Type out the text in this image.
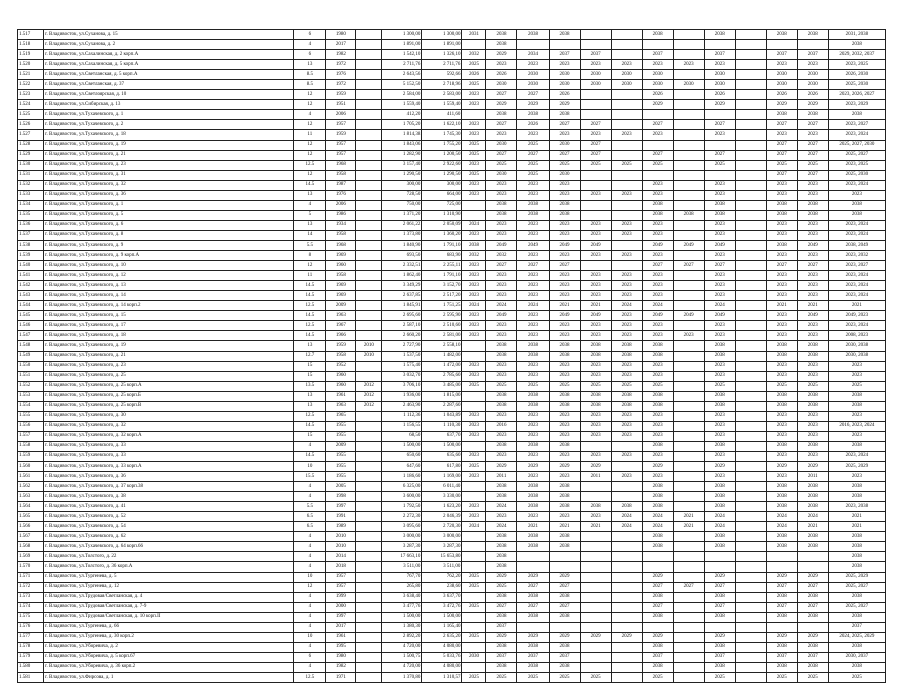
1.517	г. Владивосток, ул.Суханова, д. 15	6	1980		1 300,00	1 300,00	2031	2038	2038	2038			2038		2038		2038	2038	2031, 2038
1.518	г. Владивосток, ул.Суханова, д. 2	4	2017		1 891,00	1 891,00		2038											2038
1.519	г. Владивосток, ул.Сахалинская, д. 2 корп.А	6	1982		1 542,10	1 326,10	2032	2029	2034	2037	2037		2037		2037		2037	2037	2029, 2032, 2037
1.520	г. Владивосток, ул.Сахалинская, д. 5 корп.А	13	1972		2 711,76	2 711,76	2025	2023	2023	2023	2023	2023	2023	2023	2023		2023	2023	2023, 2025
1.521	г. Владивосток, ул.Светланская, д. 5 корп.А	8.5	1976		2 643,56	592,66	2026	2026	2030	2030	2030	2030	2030		2030		2030	2030	2026, 2030
1.522	г. Владивосток, ул.Светланская, д. 37	8.5	1972		5 152,50	2 718,96	2025	2030	2030	2030	2030	2030	2030	2030	2030		2030	2030	2025, 2030
1.523	г. Владивосток, ул.Светлоярская, д. 10	12	1959		2 584,00	2 583,00	2023	2027	2027	2026			2026		2026		2026	2026	2023, 2026, 2027
1.524	г. Владивосток, ул.Сибирская, д. 13	12	1951		1 559,40	1 559,40	2023	2029	2029	2029			2029		2029		2029	2029	2023, 2029
1.525	г. Владивосток, ул.Тухачевского, д. 1	4	2006		412,20	411,60		2038	2038	2038							2038	2038	2038
1.526	г. Владивосток, ул.Тухачевского, д. 2	12	1957		1 705,20	1 622,10	2023	2027	2026	2027	2027		2027		2027		2027	2027	2023, 2027
1.527	г. Владивосток, ул.Тухачевского, д. 18	11	1959		1 814,38	1 745,30	2023	2023	2023	2023	2023	2023	2023		2023		2023	2023	2023, 2024
1.528	г. Владивосток, ул.Тухачевского, д. 19	12	1957		1 843,06	1 755,20	2025	2030	2025	2030	2027						2027	2027	2025, 2027, 2030
1.529	г. Владивосток, ул.Тухачевского, д. 21	12	1957		1 282,90	1 200,50	2025	2027	2027	2027	2027		2027		2027		2027	2027	2025, 2027
1.530	г. Владивосток, ул.Тухачевского, д. 23	12.5	1968		3 157,40	2 922,60	2023	2025	2025	2025	2025	2025	2025		2025		2025	2025	2023, 2025
1.531	г. Владивосток, ул.Тухачевского, д. 31	12	1958		1 290,50	1 290,50	2025	2030	2025	2030							2027	2027	2025, 2030
1.532	г. Владивосток, ул.Тухачевского, д. 32	14.5	1987		300,00	300,00	2023	2023	2023	2023			2023		2023		2023	2023	2023, 2024
1.533	г. Владивосток, ул.Тухачевского, д. 36	13	1976		728,50	664,00	2023	2023	2023	2023	2023	2023	2023		2023		2023	2023	2023
1.534	г. Владивосток, ул.Тухачевского, д. 1	4	2006		750,00	725,00		2038	2038	2038			2038		2038		2038	2038	2038
1.535	г. Владивосток, ул.Тухачевского, д. 5	5	1986		1 371,20	1 310,90		2038	2038	2038			2038	2038	2038		2038	2038	2038
1.536	г. Владивосток, ул.Тухачевского, д. 6	13	1934		2 061,22	2 050,09	2024	2023	2023	2023	2023	2023	2023		2023		2023	2023	2023, 2024
1.537	г. Владивосток, ул.Тухачевского, д. 8	14	1958		1 373,80	1 360,20	2023	2023	2023	2023	2023	2023	2023		2023		2023	2023	2023, 2024
1.538	г. Владивосток, ул.Тухачевского, д. 9	5.5	1968		1 840,90	1 791,10	2038	2049	2049	2049	2049		2049	2049	2049		2038	2049	2038, 2049
1.539	г. Владивосток, ул.Тухачевского, д. 9 корп.А	8	1969		693,50	683,90	2032	2032	2023	2023	2023	2023	2023		2023		2023	2023	2023, 2032
1.540	г. Владивосток, ул.Тухачевского, д. 10	12	1960		2 332,51	2 255,11	2023	2027	2027	2027			2027	2027	2027		2027	2027	2023, 2027
1.541	г. Владивосток, ул.Тухачевского, д. 12	11	1958		1 862,40	1 791,10	2023	2023	2023	2023	2023	2023	2023		2023		2023	2023	2023, 2024
1.542	г. Владивосток, ул.Тухачевского, д. 13	14.5	1969		3 349,29	3 152,70	2023	2023	2023	2023	2023	2023	2023		2023		2023	2023	2023, 2024
1.543	г. Владивосток, ул.Тухачевского, д. 14	14.5	1969		2 637,85	2 517,20	2023	2023	2023	2023	2023	2023	2023		2023		2023	2023	2023, 2024
1.544	г. Владивосток, ул.Тухачевского, д. 14 корп.2	12.5	2009		1 845,91	1 751,25	2024	2024	2024	2021	2021	2024	2024		2024		2021	2021	2021
1.545	г. Владивосток, ул.Тухачевского, д. 15	14.5	1963		2 695,60	2 595,90	2023	2049	2023	2049	2049	2023	2049	2049	2049		2023	2049	2049, 2023
1.546	г. Владивосток, ул.Тухачевского, д. 17	12.5	1967		2 587,10	2 510,60	2023	2023	2023	2023	2023	2023	2023		2023		2023	2023	2023, 2024
1.547	г. Владивосток, ул.Тухачевского, д. 18	14.5	1966		2 660,20	2 581,00	2023	2023	2023	2023	2023	2023	2023	2023	2023		2023	2023	2008, 2023
1.548	г. Владивосток, ул.Тухачевского, д. 19	13	1959	2010	2 727,90	2 558,10		2038	2038	2038	2038	2038	2038		2038		2038	2038	2030, 2038
1.549	г. Владивосток, ул.Тухачевского, д. 21	12.7	1958	2010	1 537,50	1 482,00		2038	2038	2038	2038	2038	2038		2038		2038	2038	2030, 2038
1.550	г. Владивосток, ул.Тухачевского, д. 23	15	1952		1 575,40	1 472,00	2023	2023	2023	2023	2023	2023	2023		2023		2023	2023	2023
1.551	г. Владивосток, ул.Тухачевского, д. 25	15	1960		3 032,70	2 785,60	2023	2023	2023	2023	2023	2023	2023		2023		2023	2023	2023
1.552	г. Владивосток, ул.Тухачевского, д. 25 корп.А	13.5	1960	2012	3 706,10	3 485,00	2025	2025	2025	2025	2025	2025	2025		2025		2025	2025	2025
1.553	г. Владивосток, ул.Тухачевского, д. 25 корп.Б	13	1961	2012	1 936,00	1 815,00		2038	2038	2038	2038	2038	2038		2038		2038	2038	2038
1.554	г. Владивосток, ул.Тухачевского, д. 25 корп.В	13	1963	2012	2 463,90	2 287,60		2038	2038	2038	2038	2038	2038		2038		2038	2038	2038
1.555	г. Владивосток, ул.Тухачевского, д. 30	12.5	1965		1 112,36	1 043,89	2023	2023	2023	2023	2023	2023	2023		2023		2023	2023	2023
1.556	г. Владивосток, ул.Тухачевского, д. 32	14.5	1955		1 156,55	1 110,30	2023	2016	2023	2023	2023	2023	2023		2023		2023	2023	2016, 2023, 2024
1.557	г. Владивосток, ул.Тухачевского, д. 32 корп.А	15	1955		68,50	637,70	2023	2023	2023	2023	2023	2023	2023		2023		2023	2023	2023
1.558	г. Владивосток, ул.Тухачевского, д. 33	4	2009		1 500,00	1 500,00		2038	2038	2038			2038		2038		2038	2038	2038
1.559	г. Владивосток, ул.Тухачевского, д. 33	14.5	1955		650,60	635,60	2023	2023	2023	2023	2023	2023	2023		2023		2023	2023	2023, 2024
1.560	г. Владивосток, ул.Тухачевского, д. 33 корп.А	10	1955		647,60	617,80	2025	2029	2029	2029	2029		2029		2029		2029	2029	2025, 2029
1.561	г. Владивосток, ул.Тухачевского, д. 36	15.5	1955		1 186,60	1 169,00	2023	2011	2023	2023	2011	2023	2023		2023		2023	2011	2023
1.562	г. Владивосток, ул.Тухачевского, д. 37 корп.38	4	2005		6 325,00	6 011,40		2038	2038	2038			2038		2038		2038	2038	2038
1.563	г. Владивосток, ул.Тухачевского, д. 38	4	1998		3 600,00	3 330,00		2038	2038	2038			2038		2038		2038	2038	2038
1.564	г. Владивосток, ул.Тухачевского, д. 41	5.5	1997		1 792,50	1 623,20	2023	2024	2038	2038	2038	2038	2038		2038		2038	2038	2023, 2038
1.565	г. Владивосток, ул.Тухачевского, д. 52	6.5	1991		2 272,30	2 046,39	2023	2023	2023	2023	2023	2024	2024	2021	2024		2024	2024	2021
1.566	г. Владивосток, ул.Тухачевского, д. 54	6.5	1989		3 095,60	2 720,30	2024	2024	2021	2021	2021	2024	2024	2021	2024		2024	2021	2021
1.567	г. Владивосток, ул.Тухачевского, д. 62	4	2010		3 000,00	3 000,00		2038	2038	2038			2038		2038		2038	2038	2038
1.568	г. Владивосток, ул.Тухачевского, д. 64 корп.66	4	2010		3 287,30	3 287,30		2038	2038	2038			2038		2038		2038	2038	2038
1.569	г. Владивосток, ул.Толстого, д. 22	4	2014		17 663,10	15 653,80		2038											2038
1.570	г. Владивосток, ул.Толстого, д. 36 корп.А	4	2018		3 511,00	3 511,00		2038											2038
1.571	г. Владивосток, ул.Тургенева, д. 5	10	1957		767,70	762,20	2025	2029	2029	2029			2029		2029		2029	2029	2025, 2029
1.572	г. Владивосток, ул.Тургенева, д. 12	12	1957		265,80	238,60	2025	2025	2027	2027			2027	2027	2027		2027	2027	2025, 2027
1.573	г. Владивосток, ул.Трудовая/Светланская, д. 4	4	1999		3 638,40	3 637,70		2038	2038	2038			2038		2038		2038	2038	2038
1.574	г. Владивосток, ул.Трудовая/Светланская, д. 7-9	4	2000		3 477,76	3 472,76	2025	2027	2027	2027			2027		2027		2027	2027	2025, 2027
1.575	г. Владивосток, ул.Трудовая/Светланская, д. 10 корп.II	4	1997		1 500,00	1 500,00		2038	2038	2038			2038		2038		2038	2038	2038
1.576	г. Владивосток, ул.Тургенева, д. 66	4	2017		1 380,30	1 165,40		2037											2037
1.577	г. Владивосток, ул.Тургенева, д. 30 корп.2	10	1961		2 892,20	2 635,20	2025	2029	2029	2029	2029	2029	2029		2029		2029	2029	2024, 2025, 2029
1.578	г. Владивосток, ул.Уборевича, д. 2	4	1995		4 720,00	4 080,00		2038	2038	2038			2038		2038		2038	2038	2038
1.579	г. Владивосток, ул.Уборевича, д. 5 корп.67	6	1980		1 500,75	5 033,76	2030	2037	2037	2037			2037		2037		2037	2037	2030, 2037
1.580	г. Владивосток, ул.Уборевича, д. 36 корп.2	4	1982		4 720,00	4 080,00		2038	2038	2038			2038		2038		2038	2038	2038
1.581	г. Владивосток, ул.Фирсова, д. 1	12.5	1971		1 370,80	1 310,57	2025	2025	2025	2025	2025		2025		2025		2025	2025	2025
